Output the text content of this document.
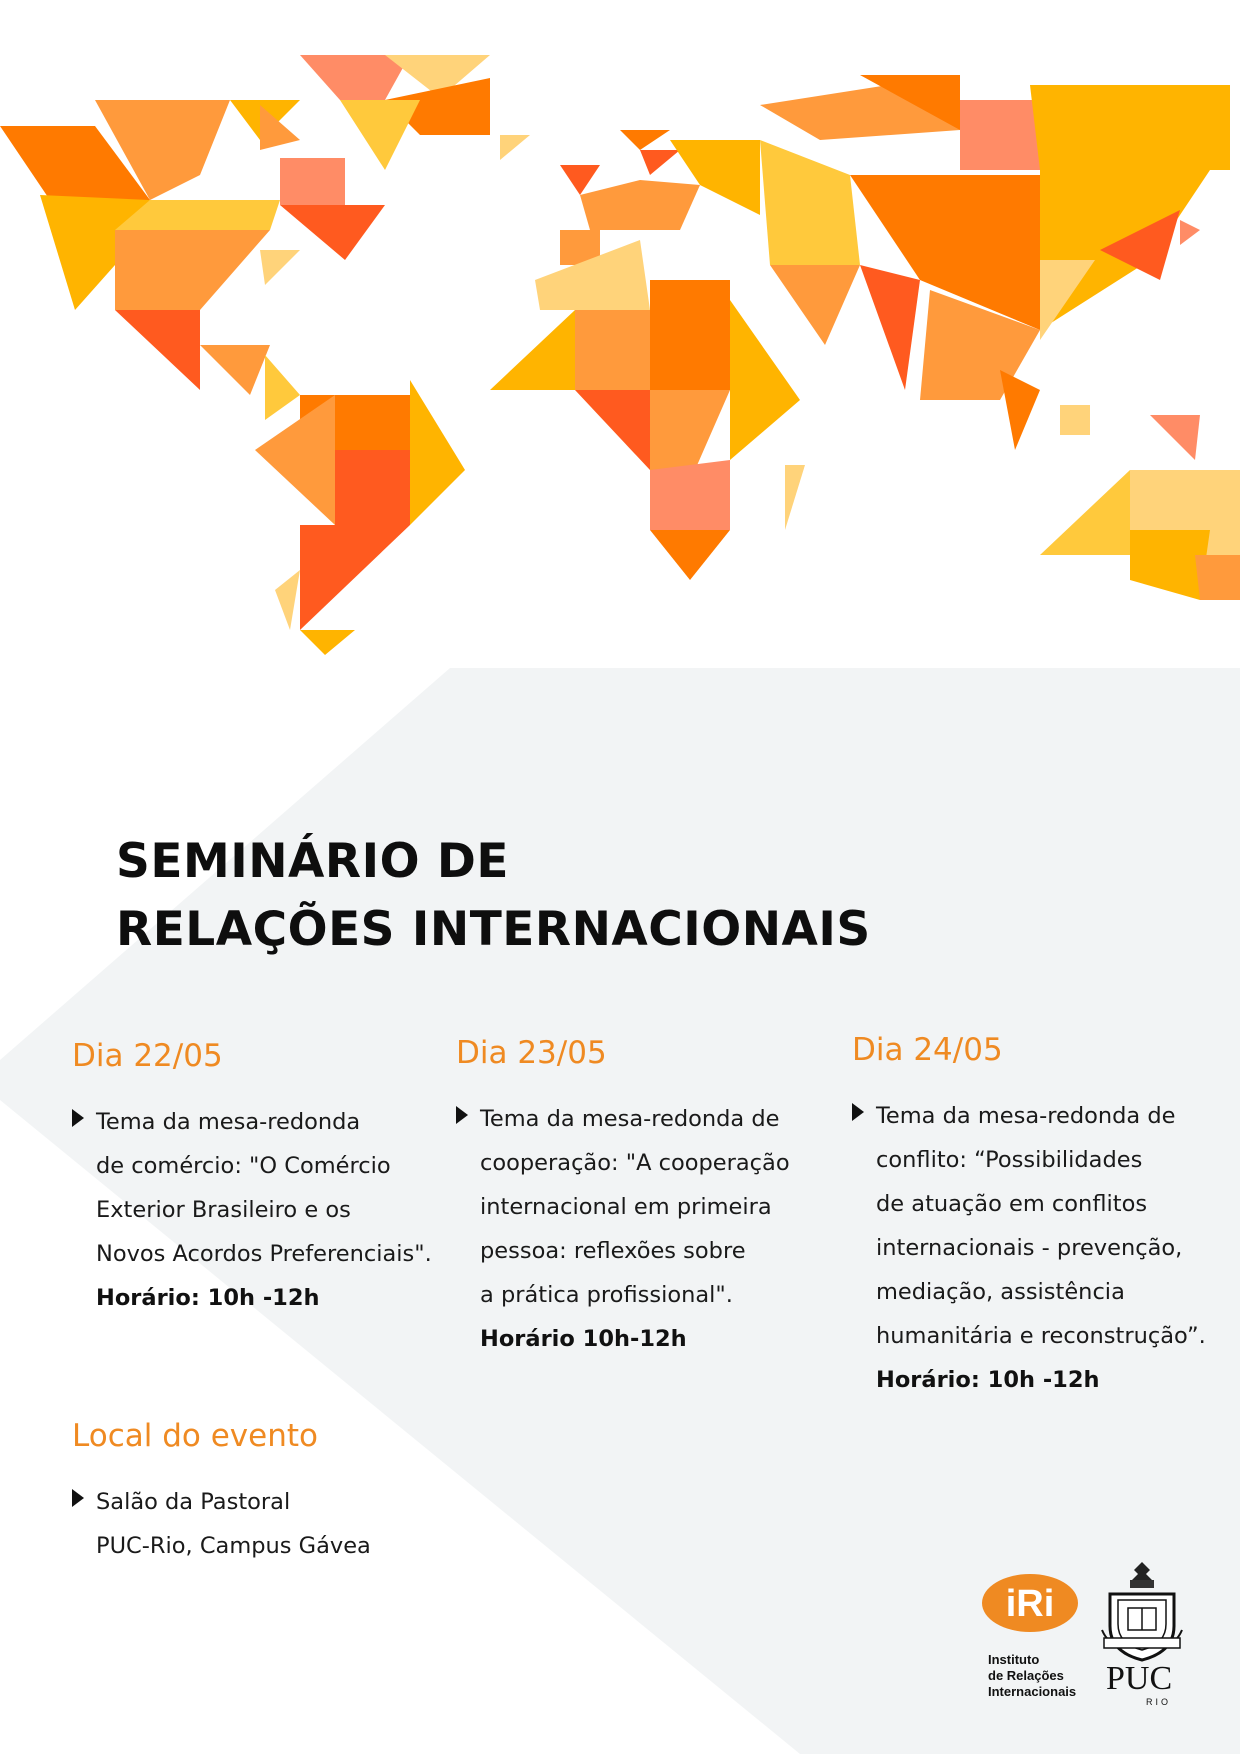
SEMINÁRIO DE
RELAÇÕES INTERNACIONAIS
Dia 22/05
Tema da mesa-redonda
de comércio: "O Comércio
Exterior Brasileiro e os
Novos Acordos Preferenciais".
Horário: 10h -12h
Dia 23/05
Tema da mesa-redonda de
cooperação: "A cooperação
internacional em primeira
pessoa: reflexões sobre
a prática profissional".
Horário 10h-12h
Dia 24/05
Tema da mesa-redonda de
conflito: “Possibilidades
de atuação em conflitos
internacionais - prevenção,
mediação, assistência
humanitária e reconstrução”.
Horário: 10h -12h
Local do evento
Salão da Pastoral
PUC-Rio, Campus Gávea
iRi
Instituto
de Relações
Internacionais PUC
RIO
